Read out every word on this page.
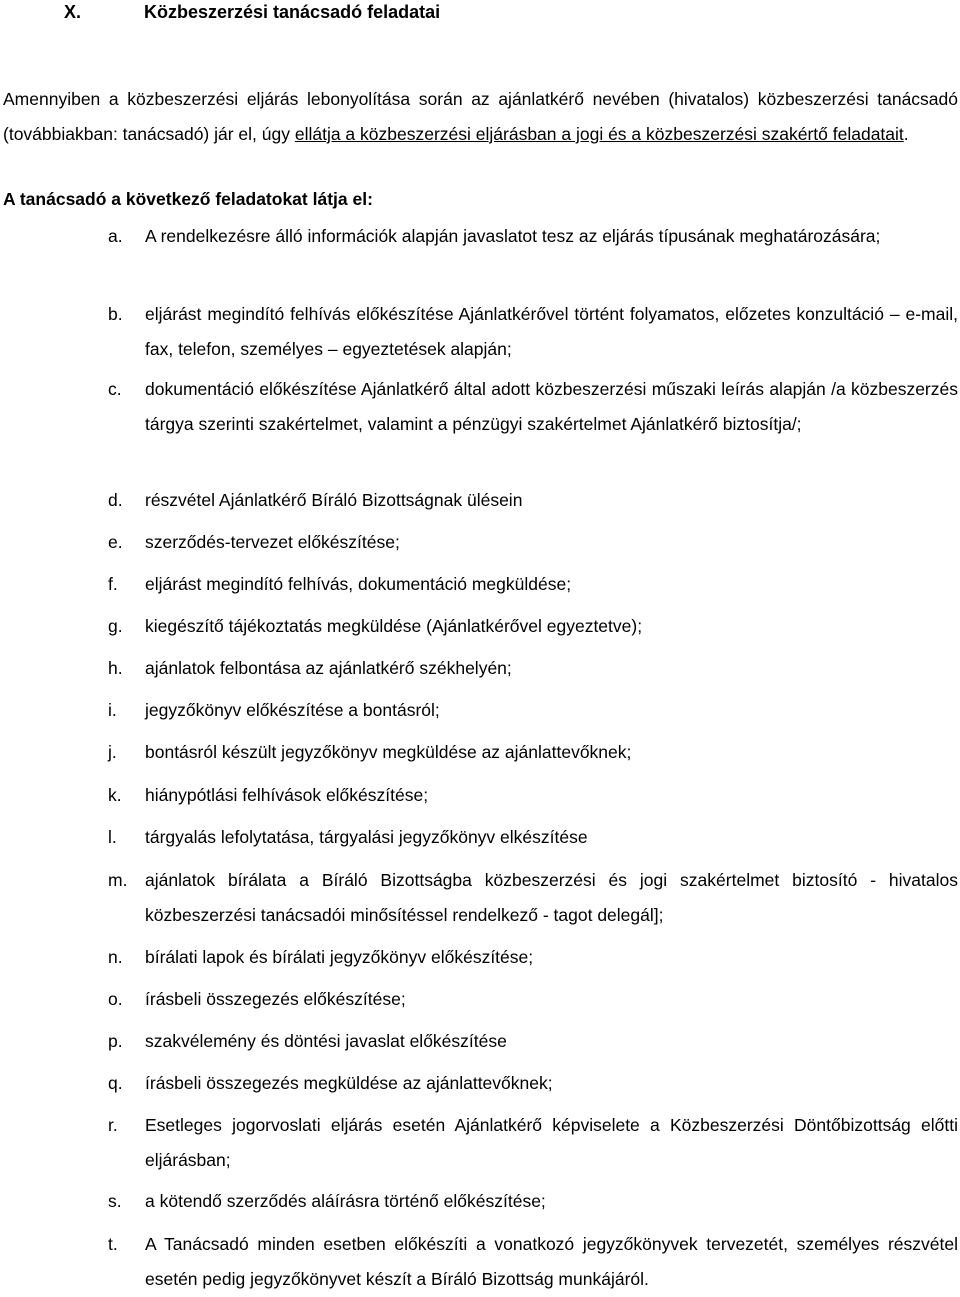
X.	Közbeszerzési tanácsadó feladatai

Amennyiben a közbeszerzési eljárás lebonyolítása során az ajánlatkérő nevében (hivatalos) közbeszerzési tanácsadó (továbbiakban: tanácsadó) jár el, úgy ellátja a közbeszerzési eljárásban a jogi és a közbeszerzési szakértő feladatait.

A tanácsadó a következő feladatokat látja el:

a. A rendelkezésre álló információk alapján javaslatot tesz az eljárás típusának meghatározására;
b. eljárást megindító felhívás előkészítése Ajánlatkérővel történt folyamatos, előzetes konzultáció – e-mail, fax, telefon, személyes – egyeztetések alapján;
c. dokumentáció előkészítése Ajánlatkérő által adott közbeszerzési műszaki leírás alapján /a közbeszerzés tárgya szerinti szakértelmet, valamint a pénzügyi szakértelmet Ajánlatkérő biztosítja/;
d. részvétel Ajánlatkérő Bíráló Bizottságnak ülésein
e. szerződés-tervezet előkészítése;
f. eljárást megindító felhívás, dokumentáció megküldése;
g. kiegészítő tájékoztatás megküldése (Ajánlatkérővel egyeztetve);
h. ajánlatok felbontása az ajánlatkérő székhelyén;
i. jegyzőkönyv előkészítése a bontásról;
j. bontásról készült jegyzőkönyv megküldése az ajánlattevőknek;
k. hiánypótlási felhívások előkészítése;
l. tárgyalás lefolytatása, tárgyalási jegyzőkönyv elkészítése
m. ajánlatok bírálata a Bíráló Bizottságba közbeszerzési és jogi szakértelmet biztosító - hivatalos közbeszerzési tanácsadói minősítéssel rendelkező - tagot delegál];
n. bírálati lapok és bírálati jegyzőkönyv előkészítése;
o. írásbeli összegezés előkészítése;
p. szakvélemény és döntési javaslat előkészítése
q. írásbeli összegezés megküldése az ajánlattevőknek;
r. Esetleges jogorvoslati eljárás esetén Ajánlatkérő képviselete a Közbeszerzési Döntőbizottság előtti eljárásban;
s. a kötendő szerződés aláírásra történő előkészítése;
t. A Tanácsadó minden esetben előkészíti a vonatkozó jegyzőkönyvek tervezetét, személyes részvétel esetén pedig jegyzőkönyvet készít a Bíráló Bizottság munkájáról.
